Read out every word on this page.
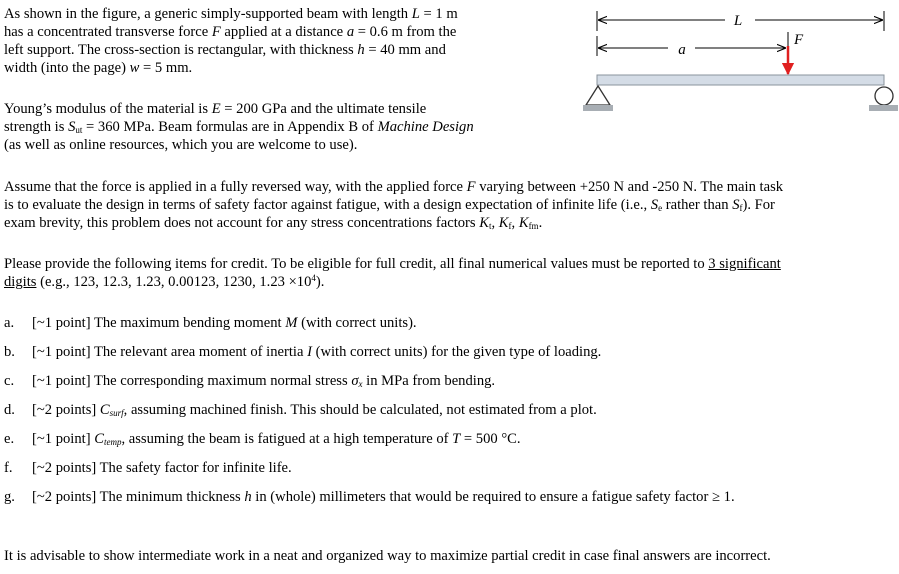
As shown in the figure, a generic simply-supported beam with length L = 1 m
has a concentrated transverse force F applied at a distance a = 0.6 m from the
left support. The cross-section is rectangular, with thickness h = 40 mm and
width (into the page) w = 5 mm.
Young’s modulus of the material is E = 200 GPa and the ultimate tensile
strength is $S_{ut} = 360$ MPa. Beam formulas are in Appendix B of Machine Design
(as well as online resources, which you are welcome to use).
L
a
F
Assume that the force is applied in a fully reversed way, with the applied force F varying between +250 N and -250 N. The main task
is to evaluate the design in terms of safety factor against fatigue, with a design expectation of infinite life (i.e., $S_e$ rather than $S_f$). For
exam brevity, this problem does not account for any stress concentrations factors $K_t$, $K_f$, $K_{fm}$.
Please provide the following items for credit. To be eligible for full credit, all final numerical values must be reported to 3 significant
digits (e.g., 123, 12.3, 1.23, 0.00123, 1230, $1.23 \times 10^4$).
a. [~1 point] The maximum bending moment M (with correct units).
b. [~1 point] The relevant area moment of inertia I (with correct units) for the given type of loading.
c. [~1 point] The corresponding maximum normal stress $\sigma_x$ in MPa from bending.
d. [~2 points] $C_{surf}$, assuming machined finish. This should be calculated, not estimated from a plot.
e. [~1 point] $C_{temp}$, assuming the beam is fatigued at a high temperature of T = 500 °C.
f. [~2 points] The safety factor for infinite life.
g. [~2 points] The minimum thickness h in (whole) millimeters that would be required to ensure a fatigue safety factor ≥ 1.
It is advisable to show intermediate work in a neat and organized way to maximize partial credit in case final answers are incorrect.
